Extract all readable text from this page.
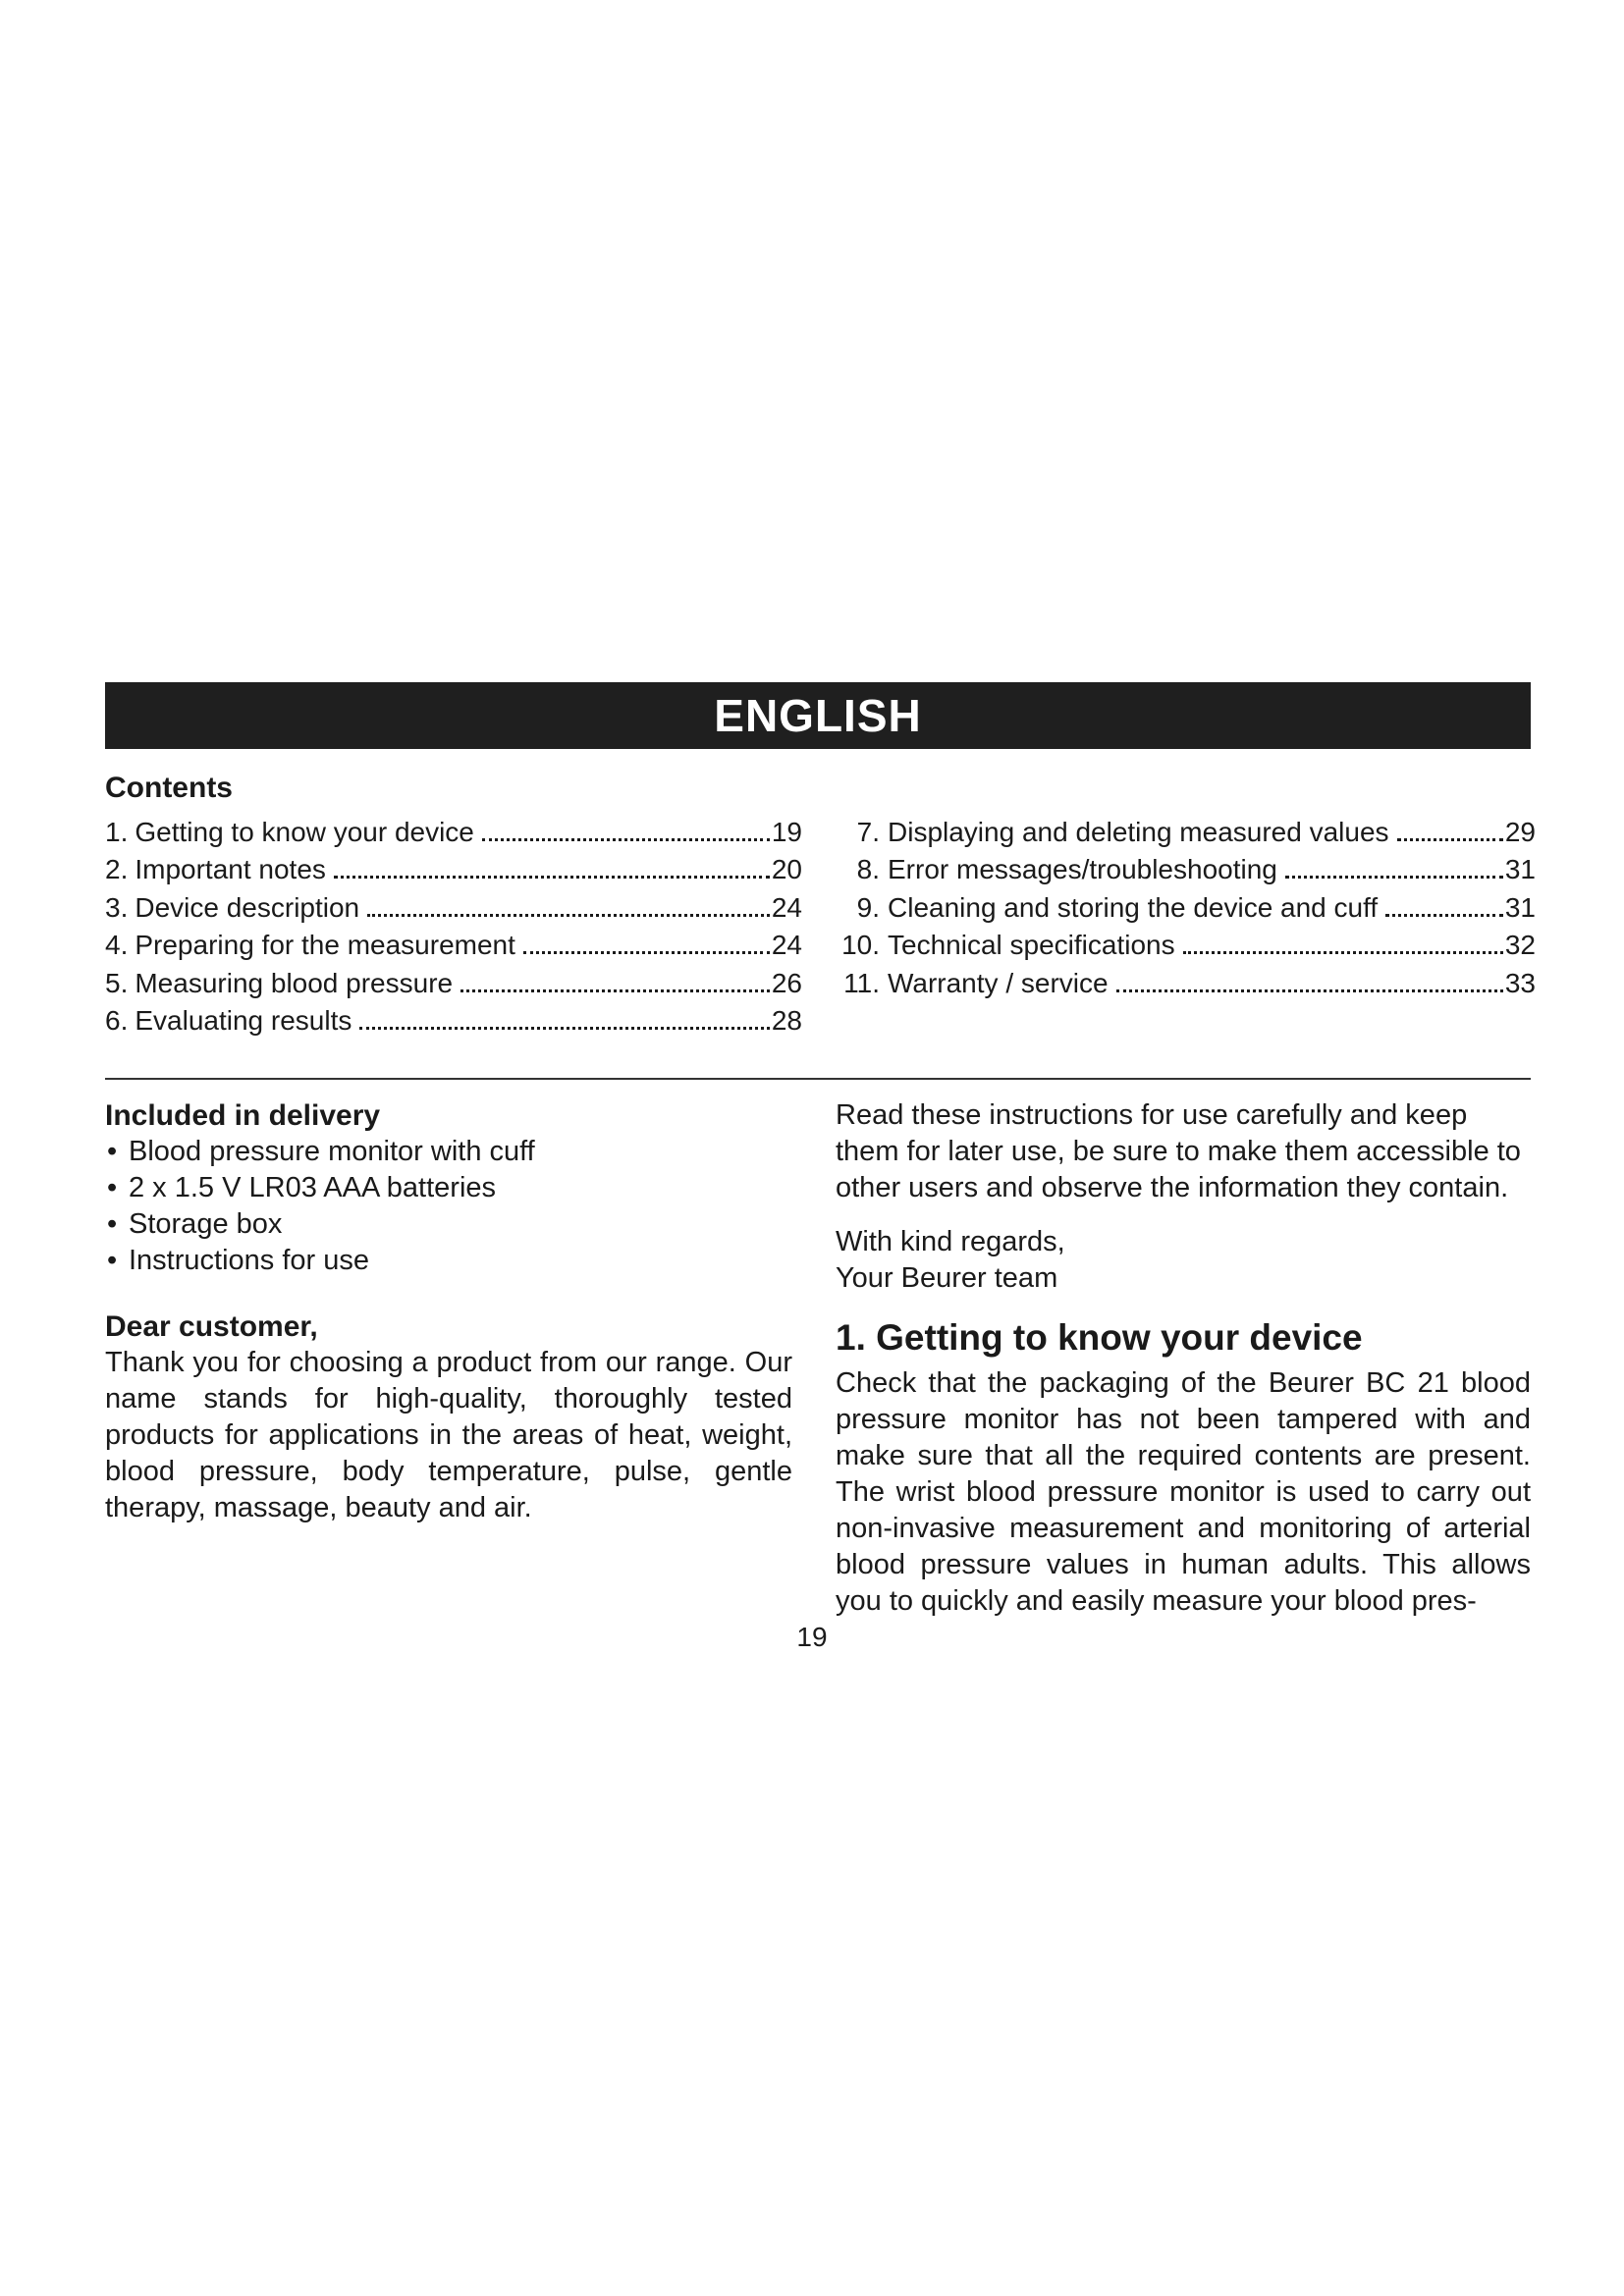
ENGLISH
Contents
1. Getting to know your device	19
2. Important notes	20
3. Device description	24
4. Preparing for the measurement	24
5. Measuring blood pressure	26
6. Evaluating results	28
7. Displaying and deleting measured values	29
8. Error messages/troubleshooting	31
9. Cleaning and storing the device and cuff	31
10. Technical specifications	32
11. Warranty / service	33

Included in delivery

• Blood pressure monitor with cuff
• 2 x 1.5 V LR03 AAA batteries
• Storage box
• Instructions for use

Dear customer,

Thank you for choosing a product from our range. Our name stands for high-quality, thoroughly tested products for applications in the areas of heat, weight, blood pressure, body temperature, pulse, gentle therapy, massage, beauty and air.

Read these instructions for use carefully and keep them for later use, be sure to make them accessible to other users and observe the information they contain.

With kind regards,

Your Beurer team

1. Getting to know your device

Check that the packaging of the Beurer BC 21 blood pressure monitor has not been tampered with and make sure that all the required contents are present. The wrist blood pressure monitor is used to carry out non-invasive measurement and monitoring of arterial blood pressure values in human adults. This allows you to quickly and easily measure your blood pres-

19
